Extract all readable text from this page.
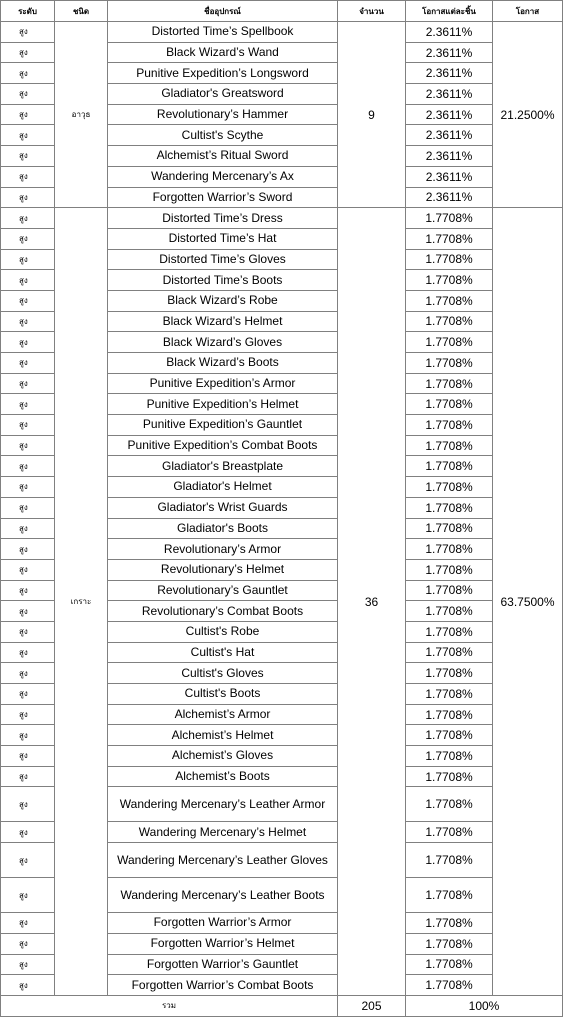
ระดับ	ชนิด	ชื่ออุปกรณ์	จำนวน	โอกาสแต่ละชิ้น	โอกาส
สูง	อาวุธ	Distorted Time’s Spellbook	9	2.3611%	21.2500%
สูง		Black Wizard’s Wand		2.3611%	
สูง		Punitive Expedition’s Longsword		2.3611%	
สูง		Gladiator's Greatsword		2.3611%	
สูง		Revolutionary’s Hammer		2.3611%	
สูง		Cultist's Scythe		2.3611%	
สูง		Alchemist’s Ritual Sword		2.3611%	
สูง		Wandering Mercenary’s Ax		2.3611%	
สูง		Forgotten Warrior’s Sword		2.3611%	
สูง	เกราะ	Distorted Time’s Dress	36	1.7708%	63.7500%
สูง		Distorted Time’s Hat		1.7708%	
สูง		Distorted Time’s Gloves		1.7708%	
สูง		Distorted Time’s Boots		1.7708%	
สูง		Black Wizard’s Robe		1.7708%	
สูง		Black Wizard’s Helmet		1.7708%	
สูง		Black Wizard’s Gloves		1.7708%	
สูง		Black Wizard’s Boots		1.7708%	
สูง		Punitive Expedition’s Armor		1.7708%	
สูง		Punitive Expedition’s Helmet		1.7708%	
สูง		Punitive Expedition’s Gauntlet		1.7708%	
สูง		Punitive Expedition’s Combat Boots		1.7708%	
สูง		Gladiator's Breastplate		1.7708%	
สูง		Gladiator's Helmet		1.7708%	
สูง		Gladiator's Wrist Guards		1.7708%	
สูง		Gladiator's Boots		1.7708%	
สูง		Revolutionary’s Armor		1.7708%	
สูง		Revolutionary’s Helmet		1.7708%	
สูง		Revolutionary’s Gauntlet		1.7708%	
สูง		Revolutionary’s Combat Boots		1.7708%	
สูง		Cultist's Robe		1.7708%	
สูง		Cultist's Hat		1.7708%	
สูง		Cultist's Gloves		1.7708%	
สูง		Cultist's Boots		1.7708%	
สูง		Alchemist’s Armor		1.7708%	
สูง		Alchemist’s Helmet		1.7708%	
สูง		Alchemist’s Gloves		1.7708%	
สูง		Alchemist’s Boots		1.7708%	
สูง		Wandering Mercenary’s Leather Armor		1.7708%	
สูง		Wandering Mercenary’s Helmet		1.7708%	
สูง		Wandering Mercenary’s Leather Gloves		1.7708%	
สูง		Wandering Mercenary’s Leather Boots		1.7708%	
สูง		Forgotten Warrior’s Armor		1.7708%	
สูง		Forgotten Warrior’s Helmet		1.7708%	
สูง		Forgotten Warrior’s Gauntlet		1.7708%	
สูง		Forgotten Warrior’s Combat Boots		1.7708%	
รวม			205	100%	
